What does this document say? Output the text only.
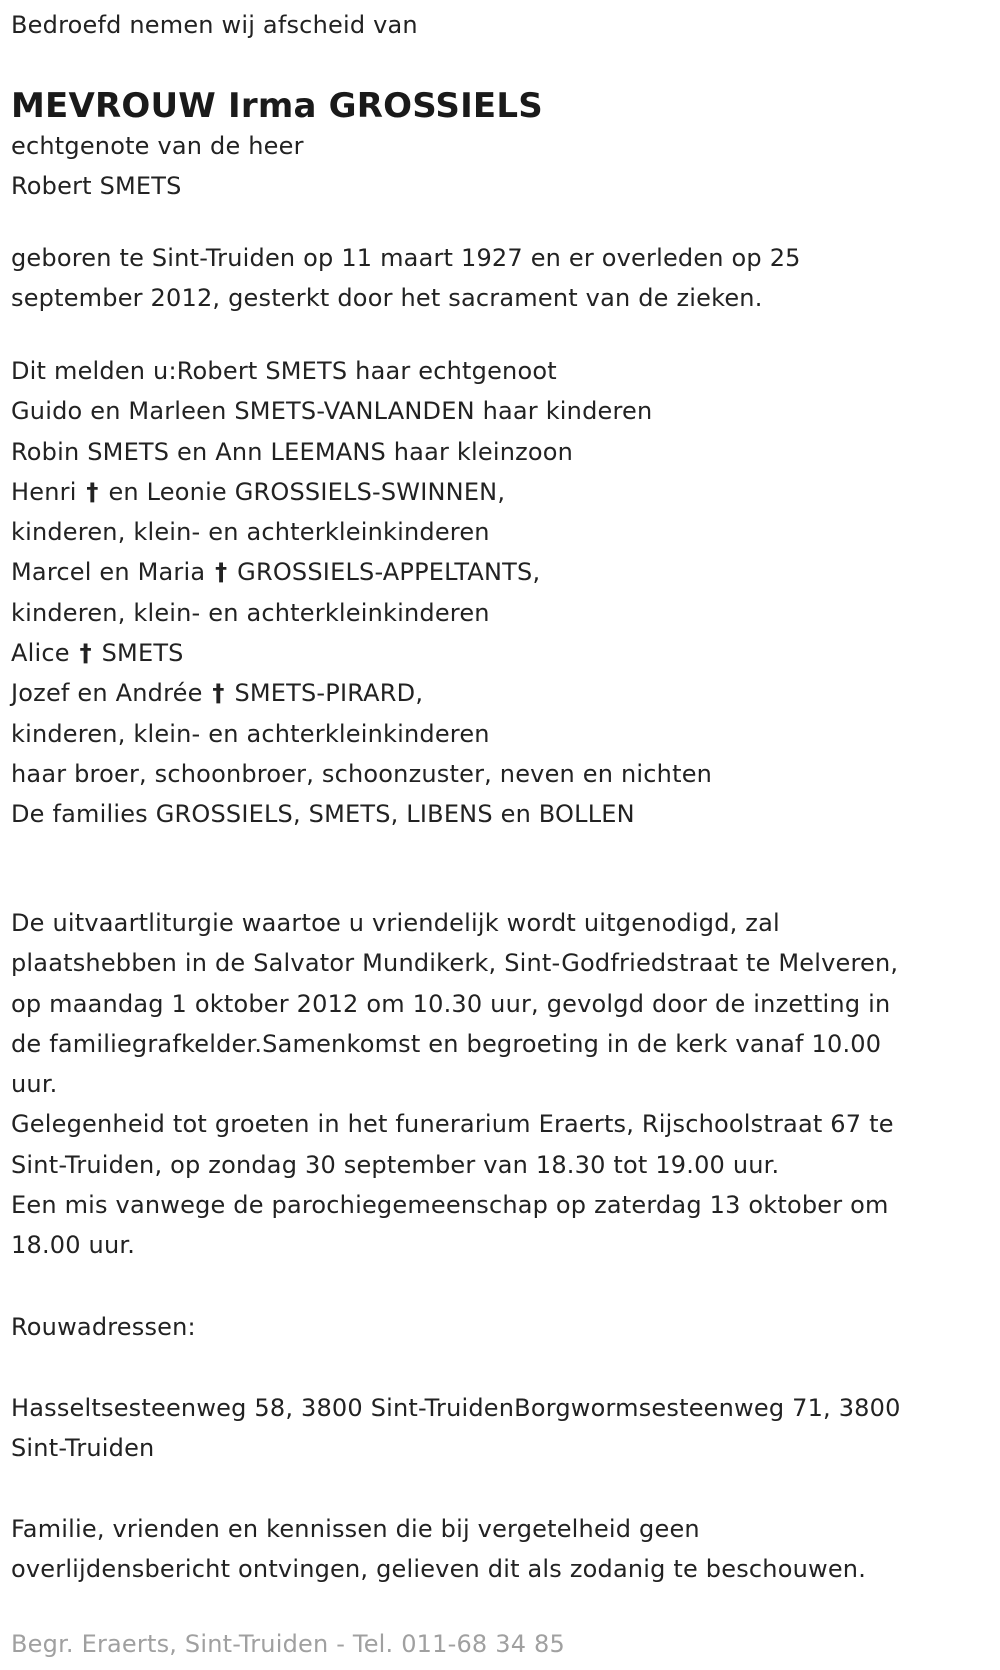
Bedroefd nemen wij afscheid van
MEVROUW Irma GROSSIELS
echtgenote van de heer
Robert SMETS
geboren te Sint-Truiden op 11 maart 1927 en er overleden op 25
september 2012, gesterkt door het sacrament van de zieken.
Dit melden u:Robert SMETS haar echtgenoot
Guido en Marleen SMETS-VANLANDEN haar kinderen
Robin SMETS en Ann LEEMANS haar kleinzoon
Henri † en Leonie GROSSIELS-SWINNEN,
kinderen, klein- en achterkleinkinderen
Marcel en Maria † GROSSIELS-APPELTANTS,
kinderen, klein- en achterkleinkinderen
Alice † SMETS
Jozef en Andrée † SMETS-PIRARD,
kinderen, klein- en achterkleinkinderen
haar broer, schoonbroer, schoonzuster, neven en nichten
De families GROSSIELS, SMETS, LIBENS en BOLLEN
De uitvaartliturgie waartoe u vriendelijk wordt uitgenodigd, zal
plaatshebben in de Salvator Mundikerk, Sint-Godfriedstraat te Melveren,
op maandag 1 oktober 2012 om 10.30 uur, gevolgd door de inzetting in
de familiegrafkelder.Samenkomst en begroeting in de kerk vanaf 10.00
uur.
Gelegenheid tot groeten in het funerarium Eraerts, Rijschoolstraat 67 te
Sint-Truiden, op zondag 30 september van 18.30 tot 19.00 uur.
Een mis vanwege de parochiegemeenschap op zaterdag 13 oktober om
18.00 uur.
Rouwadressen:
Hasseltsesteenweg 58, 3800 Sint-TruidenBorgwormsesteenweg 71, 3800
Sint-Truiden
Familie, vrienden en kennissen die bij vergetelheid geen
overlijdensbericht ontvingen, gelieven dit als zodanig te beschouwen.
Begr. Eraerts, Sint-Truiden - Tel. 011-68 34 85
